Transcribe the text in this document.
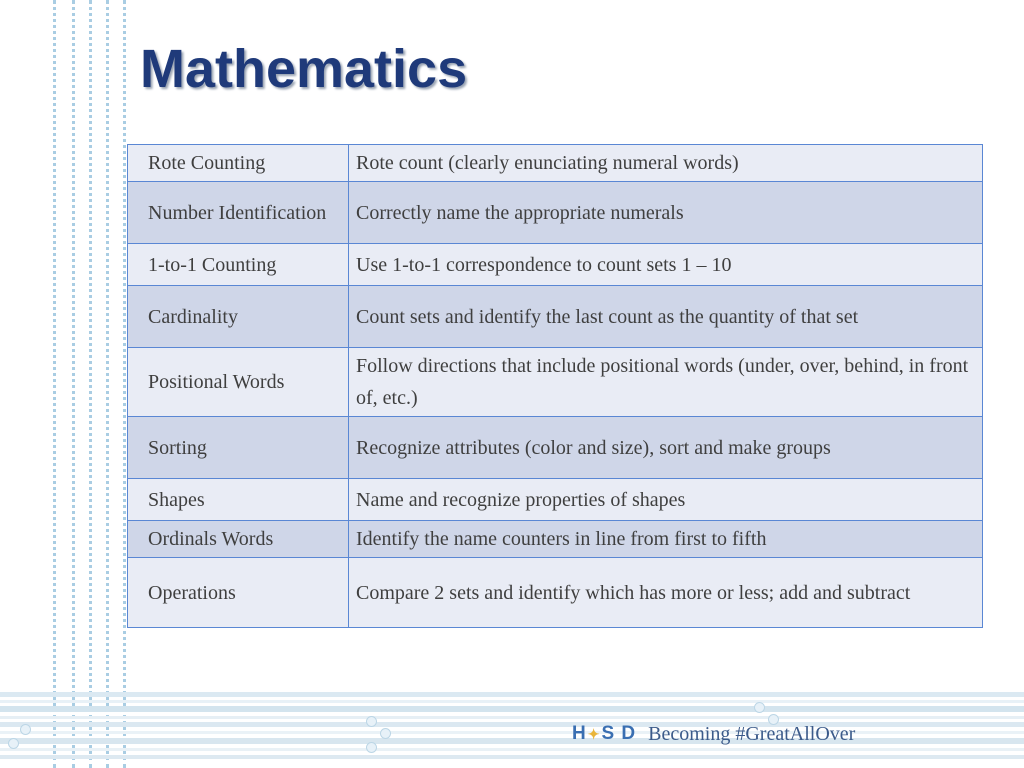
Mathematics
Rote Counting	Rote count (clearly enunciating numeral words)
Number Identification	Correctly name the appropriate numerals
1-to-1 Counting	Use 1-to-1 correspondence to count sets 1 – 10
Cardinality	Count sets and identify the last count as the quantity of that set
Positional Words	Follow directions that include positional words (under, over, behind, in front of, etc.)
Sorting	Recognize attributes (color and size), sort and make groups
Shapes	Name and recognize properties of shapes
Ordinals Words	Identify the name counters in line from first to fifth
Operations	Compare 2 sets and identify which has more or less; add and subtract
H ✦ S D Becoming #GreatAllOver
